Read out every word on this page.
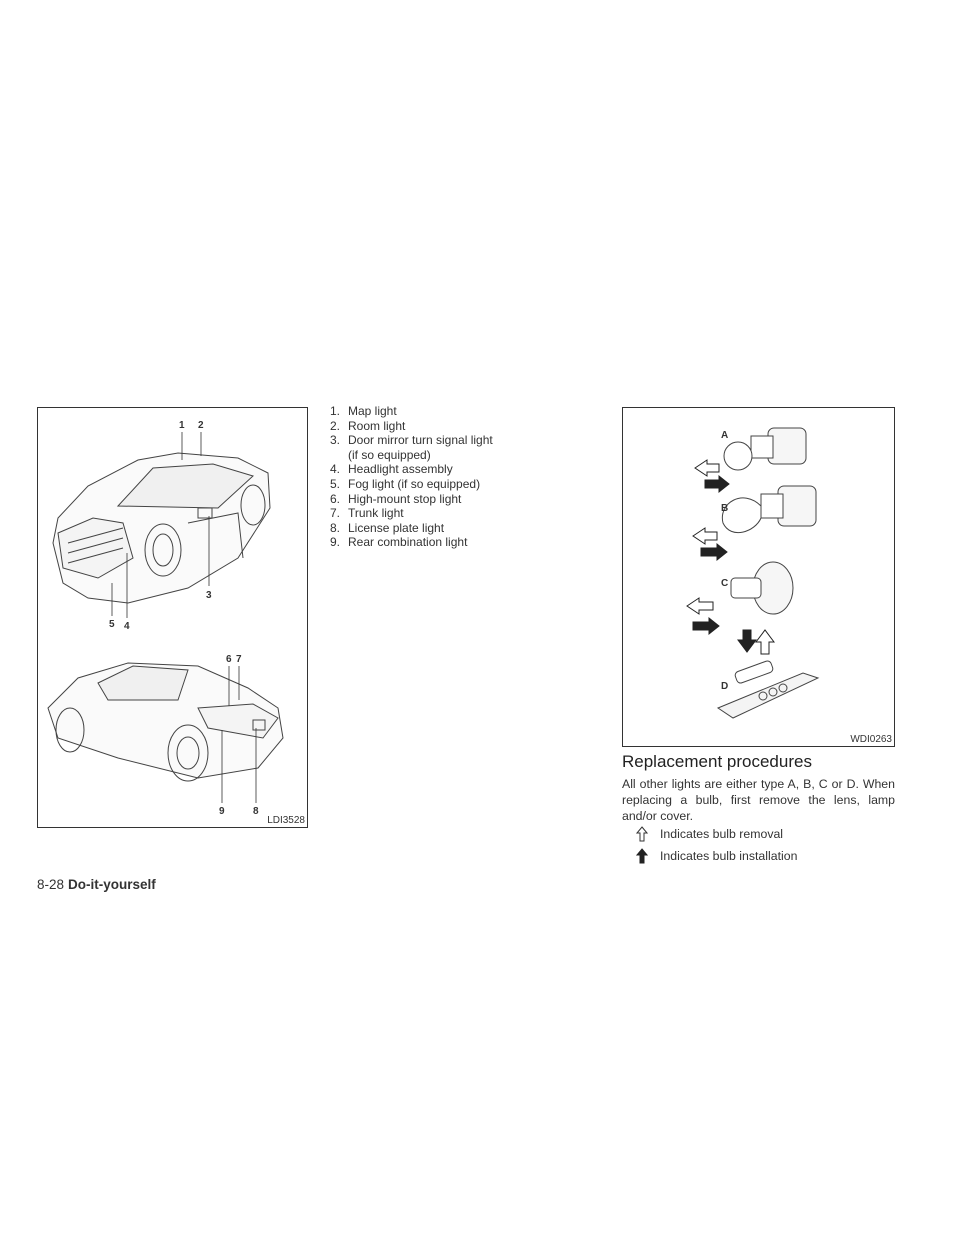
1 2
3
4
5
6 7
8
9
LDI3528
1. Map light
2. Room light
3. Door mirror turn signal light
(if so equipped)
4. Headlight assembly
5. Fog light (if so equipped)
6. High-mount stop light
7. Trunk light
8. License plate light
9. Rear combination light
A
B
C
D
WDI0263
Replacement procedures

All other lights are either type A, B, C or D. When replacing a bulb, first remove the lens, lamp and/or cover.

Indicates bulb removal
Indicates bulb installation
8-28 Do-it-yourself
